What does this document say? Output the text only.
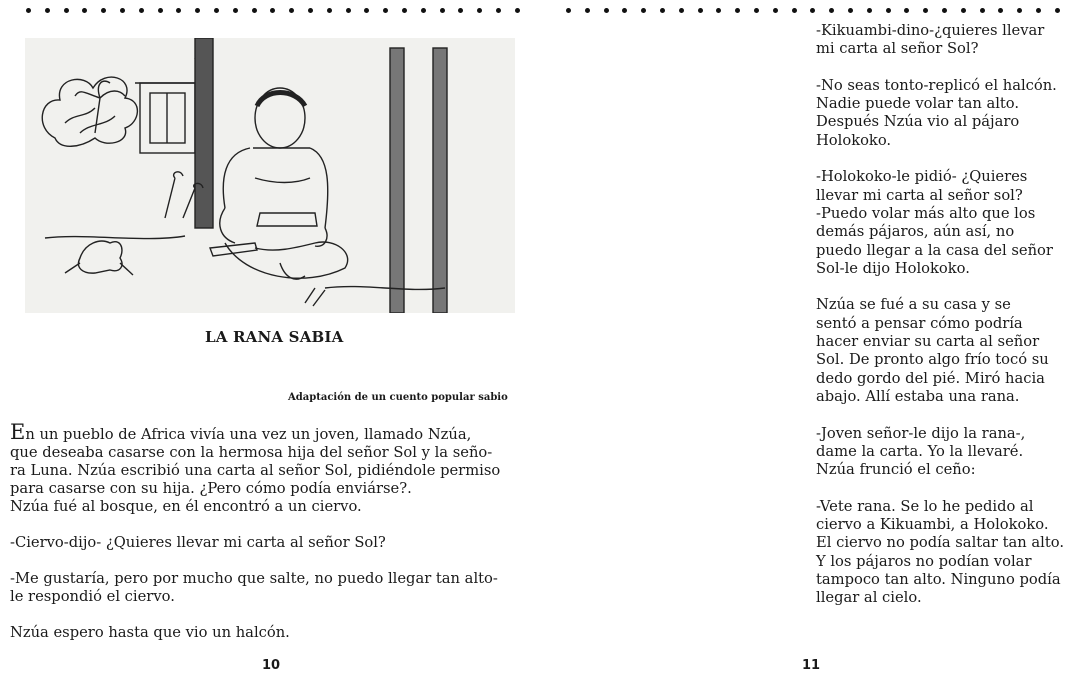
LA RANA SABIA
Adaptación de un cuento popular sabio

En un pueblo de Africa vivía una vez un joven, llamado Nzúa,
que deseaba casarse con la hermosa hija del señor Sol y la seño-
ra Luna. Nzúa escribió una carta al señor Sol, pidiéndole permiso
para casarse con su hija. ¿Pero cómo podía enviárse?.
Nzúa fué al bosque, en él encontró a un ciervo.

-Ciervo-dijo- ¿Quieres llevar mi carta al señor Sol?

-Me gustaría, pero por mucho que salte, no puedo llegar tan alto-
le respondió el ciervo.

Nzúa espero hasta que vio un halcón.

10

-Kikuambi-dino-¿quieres llevar
mi carta al señor Sol?

-No seas tonto-replicó el halcón.
Nadie puede volar tan alto.
Después Nzúa vio al pájaro
Holokoko.

-Holokoko-le pidió- ¿Quieres
llevar mi carta al señor sol?

-Puedo volar más alto que los
demás pájaros, aún así, no
puedo llegar a la casa del señor
Sol-le dijo Holokoko.

Nzúa se fué a su casa y se
sentó a pensar cómo podría
hacer enviar su carta al señor
Sol. De pronto algo frío tocó su
dedo gordo del pié. Miró hacia
abajo. Allí estaba una rana.

-Joven señor-le dijo la rana-,
dame la carta. Yo la llevaré.
Nzúa frunció el ceño:

-Vete rana. Se lo he pedido al
ciervo a Kikuambi, a Holokoko.
El ciervo no podía saltar tan alto.
Y los pájaros no podían volar
tampoco tan alto. Ninguno podía
llegar al cielo.

11
